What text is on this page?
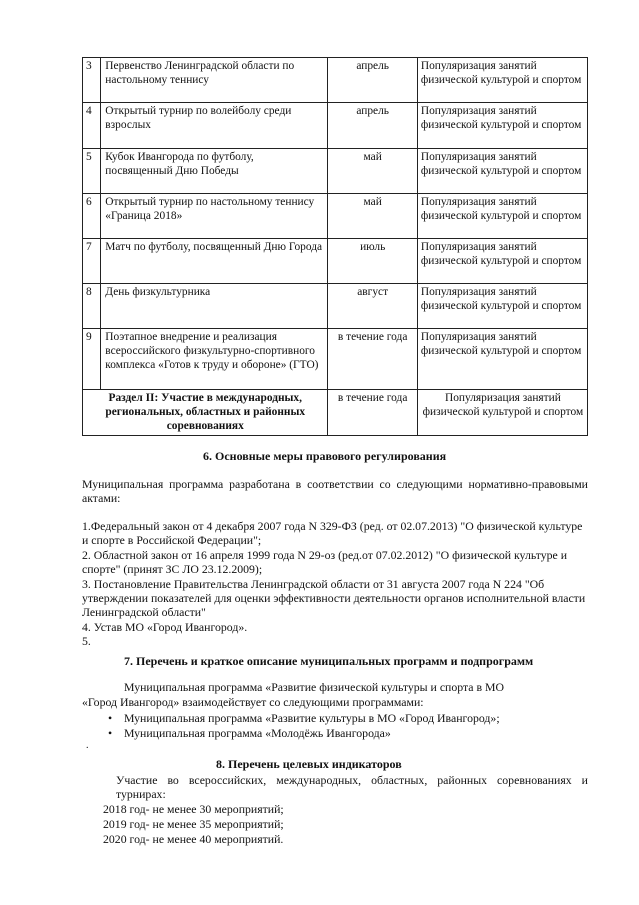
3	Первенство Ленинградской области по настольному теннису	апрель	Популяризация занятий физической культурой и спортом
4	Открытый турнир по волейболу среди взрослых	апрель	Популяризация занятий физической культурой и спортом
5	Кубок Ивангорода по футболу, посвященный Дню Победы	май	Популяризация занятий физической культурой и спортом
6	Открытый турнир по настольному теннису «Граница 2018»	май	Популяризация занятий физической культурой и спортом
7	Матч по футболу, посвященный Дню Города	июль	Популяризация занятий физической культурой и спортом
8	День физкультурника	август	Популяризация занятий физической культурой и спортом
9	Поэтапное внедрение и реализация всероссийского физкультурно-спортивного комплекса «Готов к труду и обороне» (ГТО)	в течение года	Популяризация занятий физической культурой и спортом
Раздел II: Участие в международных, региональных, областных и районных соревнованиях		в течение года	Популяризация занятий физической культурой и спортом
6. Основные меры правового регулирования
Муниципальная программа разработана в соответствии со следующими нормативно-правовыми актами:
1.Федеральный закон от 4 декабря 2007 года N 329-ФЗ (ред. от 02.07.2013) "О физической культуре и спорте в Российской Федерации";
2. Областной закон от 16 апреля 1999 года N 29-оз (ред.от 07.02.2012) "О физической культуре и спорте" (принят ЗС ЛО 23.12.2009);
3. Постановление Правительства Ленинградской области от 31 августа 2007 года N 224 "Об утверждении показателей для оценки эффективности деятельности органов исполнительной власти Ленинградской области"
4. Устав МО «Город Ивангород».
5.
7. Перечень и краткое описание муниципальных программ и подпрограмм
Муниципальная программа «Развитие физической культуры и спорта в МО
«Город Ивангород» взаимодействует со следующими программами:
• Муниципальная программа «Развитие культуры в МО «Город Ивангород»;
• Муниципальная программа «Молодёжь Ивангорода»
.
8. Перечень целевых индикаторов
Участие во всероссийских, международных, областных, районных соревнованиях и
турнирах:
2018 год- не менее 30 мероприятий;
2019 год- не менее 35 мероприятий;
2020 год- не менее 40 мероприятий.
